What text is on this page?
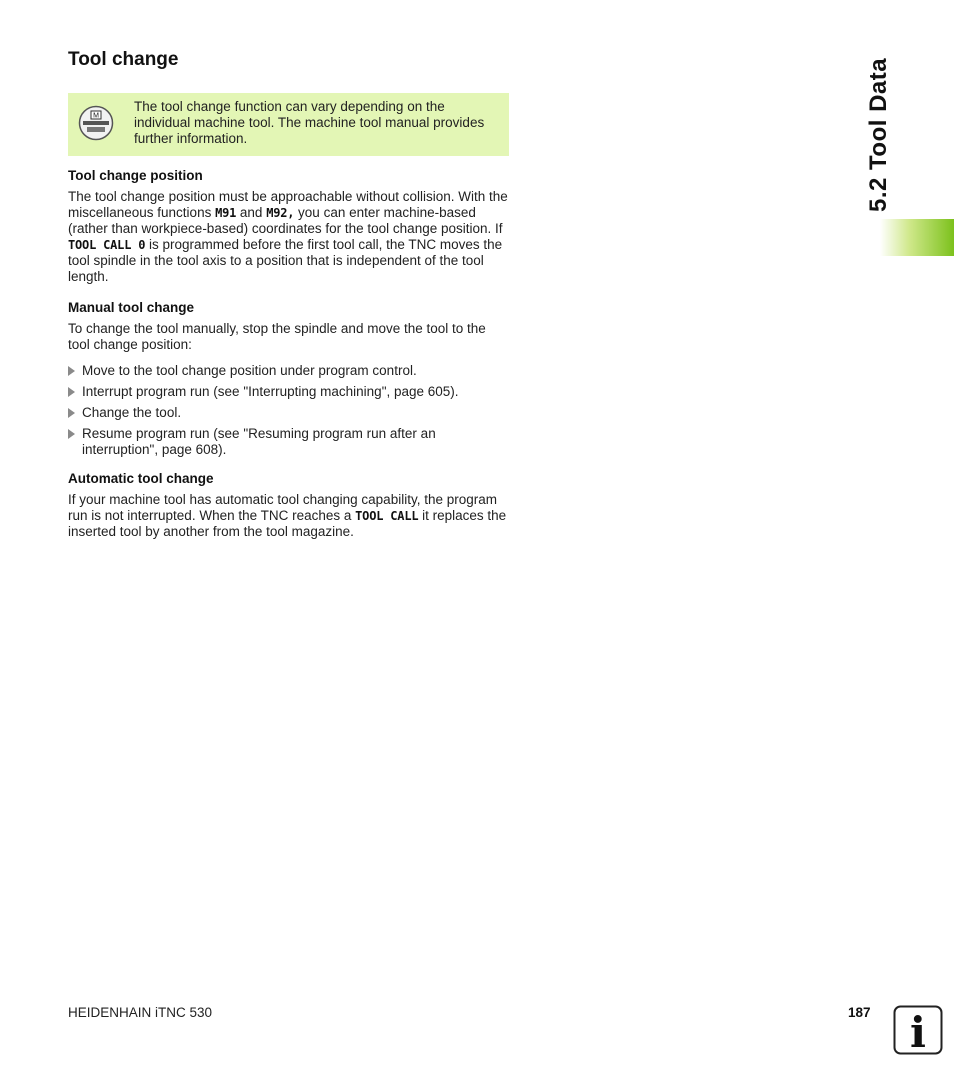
Tool change
M
The tool change function can vary depending on the individual machine tool. The machine tool manual provides further information.
Tool change position

The tool change position must be approachable without collision. With the miscellaneous functions M91 and M92, you can enter machine-based (rather than workpiece-based) coordinates for the tool change position. If TOOL CALL 0 is programmed before the first tool call, the TNC moves the tool spindle in the tool axis to a position that is independent of the tool length.

Manual tool change

To change the tool manually, stop the spindle and move the tool to the tool change position:

Move to the tool change position under program control.
Interrupt program run (see "Interrupting machining", page 605).
Change the tool.
Resume program run (see "Resuming program run after an interruption", page 608).
Automatic tool change

If your machine tool has automatic tool changing capability, the program run is not interrupted. When the TNC reaches a TOOL CALL it replaces the inserted tool by another from the tool magazine.

5.2 Tool Data
HEIDENHAIN iTNC 530	187 i
